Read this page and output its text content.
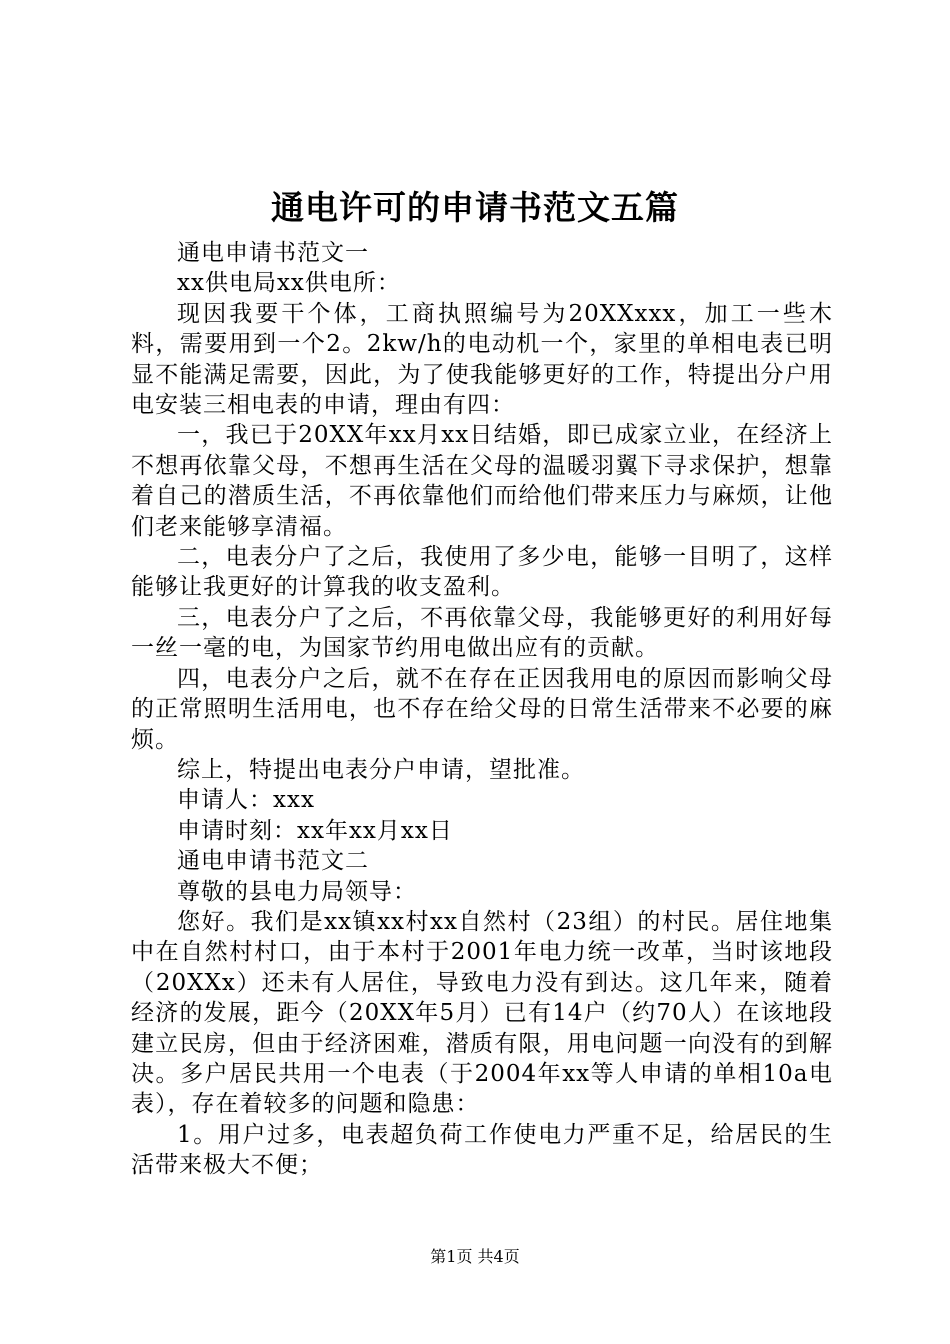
通电许可的申请书范文五篇

通电申请书范文一

xx供电局xx供电所：

现因我要干个体，工商执照编号为20XXxxx，加工一些木料，需要用到一个2。2kw/h的电动机一个，家里的单相电表已明显不能满足需要，因此，为了使我能够更好的工作，特提出分户用电安装三相电表的申请，理由有四：

一，我已于20XX年xx月xx日结婚，即已成家立业，在经济上不想再依靠父母，不想再生活在父母的温暖羽翼下寻求保护，想靠着自己的潜质生活，不再依靠他们而给他们带来压力与麻烦，让他们老来能够享清福。

二，电表分户了之后，我使用了多少电，能够一目明了，这样能够让我更好的计算我的收支盈利。

三，电表分户了之后，不再依靠父母，我能够更好的利用好每一丝一毫的电，为国家节约用电做出应有的贡献。

四，电表分户之后，就不在存在正因我用电的原因而影响父母的正常照明生活用电，也不存在给父母的日常生活带来不必要的麻烦。

综上，特提出电表分户申请，望批准。

申请人：xxx

申请时刻：xx年xx月xx日

通电申请书范文二

尊敬的县电力局领导：

您好。我们是xx镇xx村xx自然村（23组）的村民。居住地集中在自然村村口，由于本村于2001年电力统一改革，当时该地段（20XXx）还未有人居住，导致电力没有到达。这几年来，随着经济的发展，距今（20XX年5月）已有14户（约70人）在该地段建立民房，但由于经济困难，潜质有限，用电问题一向没有的到解决。多户居民共用一个电表（于2004年xx等人申请的单相10a电表），存在着较多的问题和隐患：

1。用户过多，电表超负荷工作使电力严重不足，给居民的生活带来极大不便；

第1页 共4页
